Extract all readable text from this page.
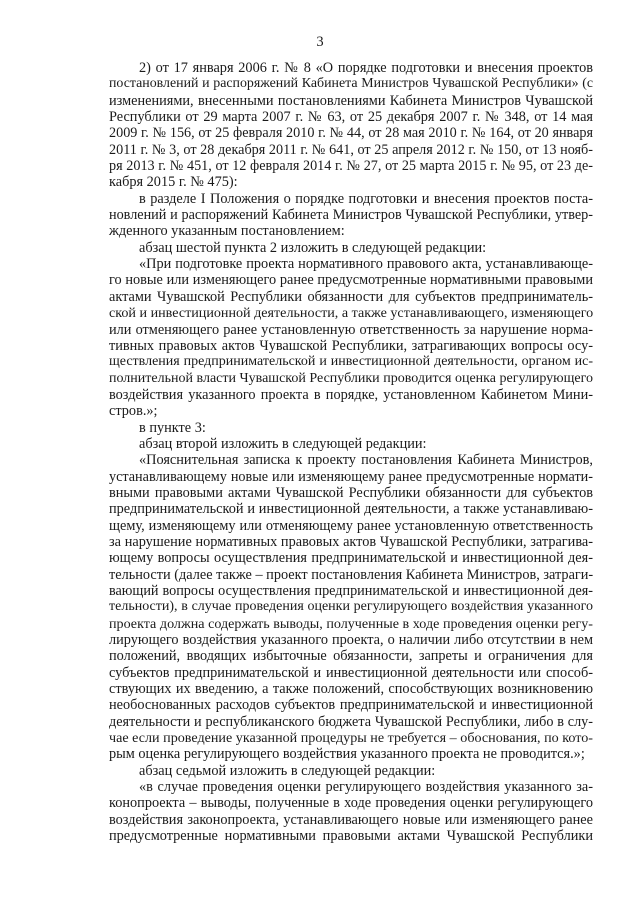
3
2) от 17 января 2006 г. № 8 «О порядке подготовки и внесения проектов
постановлений и распоряжений Кабинета Министров Чувашской Республики» (с
изменениями, внесенными постановлениями Кабинета Министров Чувашской
Республики от 29 марта 2007 г. № 63, от 25 декабря 2007 г. № 348, от 14 мая
2009 г. № 156, от 25 февраля 2010 г. № 44, от 28 мая 2010 г. № 164, от 20 января
2011 г. № 3, от 28 декабря 2011 г. № 641, от 25 апреля 2012 г. № 150, от 13 нояб-
ря 2013 г. № 451, от 12 февраля 2014 г. № 27, от 25 марта 2015 г. № 95, от 23 де-
кабря 2015 г. № 475):
в разделе I Положения о порядке подготовки и внесения проектов поста-
новлений и распоряжений Кабинета Министров Чувашской Республики, утвер-
жденного указанным постановлением:
абзац шестой пункта 2 изложить в следующей редакции:
«При подготовке проекта нормативного правового акта, устанавливающе-
го новые или изменяющего ранее предусмотренные нормативными правовыми
актами Чувашской Республики обязанности для субъектов предприниматель-
ской и инвестиционной деятельности, а также устанавливающего, изменяющего
или отменяющего ранее установленную ответственность за нарушение норма-
тивных правовых актов Чувашской Республики, затрагивающих вопросы осу-
ществления предпринимательской и инвестиционной деятельности, органом ис-
полнительной власти Чувашской Республики проводится оценка регулирующего
воздействия указанного проекта в порядке, установленном Кабинетом Мини-
стров.»;
в пункте 3:
абзац второй изложить в следующей редакции:
«Пояснительная записка к проекту постановления Кабинета Министров,
устанавливающему новые или изменяющему ранее предусмотренные нормати-
вными правовыми актами Чувашской Республики обязанности для субъектов
предпринимательской и инвестиционной деятельности, а также устанавливаю-
щему, изменяющему или отменяющему ранее установленную ответственность
за нарушение нормативных правовых актов Чувашской Республики, затрагива-
ющему вопросы осуществления предпринимательской и инвестиционной дея-
тельности (далее также – проект постановления Кабинета Министров, затраги-
вающий вопросы осуществления предпринимательской и инвестиционной дея-
тельности), в случае проведения оценки регулирующего воздействия указанного
проекта должна содержать выводы, полученные в ходе проведения оценки регу-
лирующего воздействия указанного проекта, о наличии либо отсутствии в нем
положений, вводящих избыточные обязанности, запреты и ограничения для
субъектов предпринимательской и инвестиционной деятельности или способ-
ствующих их введению, а также положений, способствующих возникновению
необоснованных расходов субъектов предпринимательской и инвестиционной
деятельности и республиканского бюджета Чувашской Республики, либо в слу-
чае если проведение указанной процедуры не требуется – обоснования, по кото-
рым оценка регулирующего воздействия указанного проекта не проводится.»;
абзац седьмой изложить в следующей редакции:
«в случае проведения оценки регулирующего воздействия указанного за-
конопроекта – выводы, полученные в ходе проведения оценки регулирующего
воздействия законопроекта, устанавливающего новые или изменяющего ранее
предусмотренные нормативными правовыми актами Чувашской Республики
